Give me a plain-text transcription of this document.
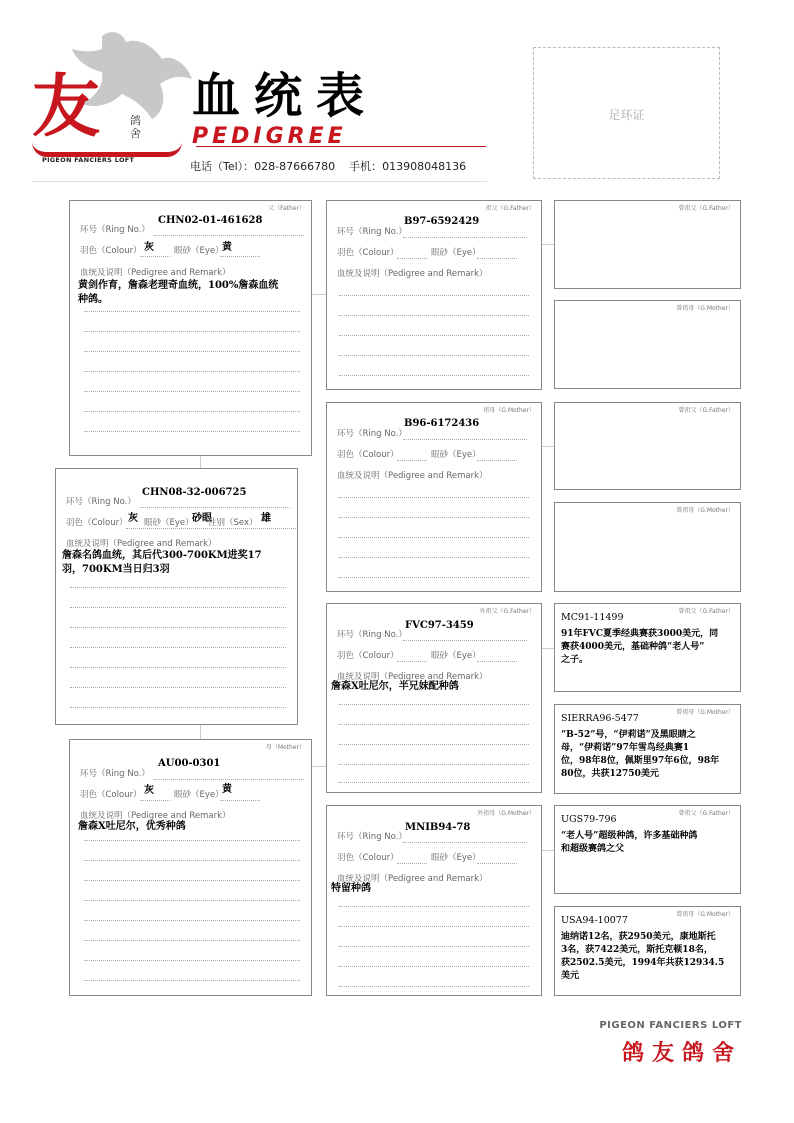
友	鸽舍
PIGEON FANCIERS LOFT
血统表
PEDIGREE
电话（Tel）：028-87666780    手机：013908048136
足环证
父（Father）
环号（Ring No.）
CHN02-01-461628
羽色（Colour） 灰 眼砂（Eye）
黄
血统及说明（Pedigree and Remark）
黄剑作育，詹森老理奇血统，100%詹森血统
种鸽。
环号（Ring No.）
CHN08-32-006725
羽色（Colour） 灰 眼砂（Eye）
砂眼
性别（Sex） 雄
血统及说明（Pedigree and Remark）
詹森名鸽血统，其后代300-700KM进奖17
羽，700KM当日归3羽
母（Mother）
环号（Ring No.）
AU00-0301
羽色（Colour） 灰 眼砂（Eye）
黄
血统及说明（Pedigree and Remark）
詹森X吐尼尔，优秀种鸽
祖父（G.Father）
环号（Ring No.）
B97-6592429
羽色（Colour）	眼砂（Eye）
血统及说明（Pedigree and Remark）
祖母（G.Mother）
环号（Ring No.）
B96-6172436
羽色（Colour）	眼砂（Eye）
血统及说明（Pedigree and Remark）
外祖父（G.Father）
环号（Ring No.）
FVC97-3459
羽色（Colour）	眼砂（Eye）
血统及说明（Pedigree and Remark）
詹森X吐尼尔，半兄妹配种鸽
外祖母（G.Mother）
环号（Ring No.）
MNIB94-78
羽色（Colour）	眼砂（Eye）
血统及说明（Pedigree and Remark）
特留种鸽
曾祖父（G.Father）
曾祖母（G.Mother）
曾祖父（G.Father）
曾祖母（G.Mother）
曾祖父（G.Father）
MC91-11499
91年FVC夏季经典赛获3000美元，同
赛获4000美元，基础种鸽“老人号”
之子。
曾祖母（G.Mother）
SIERRA96-5477
“B-52”号，“伊莉诺”及黑眼睛之
母，“伊莉诺”97年雪鸟经典赛1
位，98年8位，佩斯里97年6位，98年
80位，共获12750美元
曾祖父（G.Father）
UGS79-796
“老人号”超级种鸽，许多基础种鸽
和超级赛鸽之父
曾祖母（G.Mother）
USA94-10077
迪纳诺12名，获2950美元，康地斯托
3名，获7422美元，斯托克顿18名，
获2502.5美元，1994年共获12934.5
美元
PIGEON FANCIERS LOFT
鸽友鸽舍
